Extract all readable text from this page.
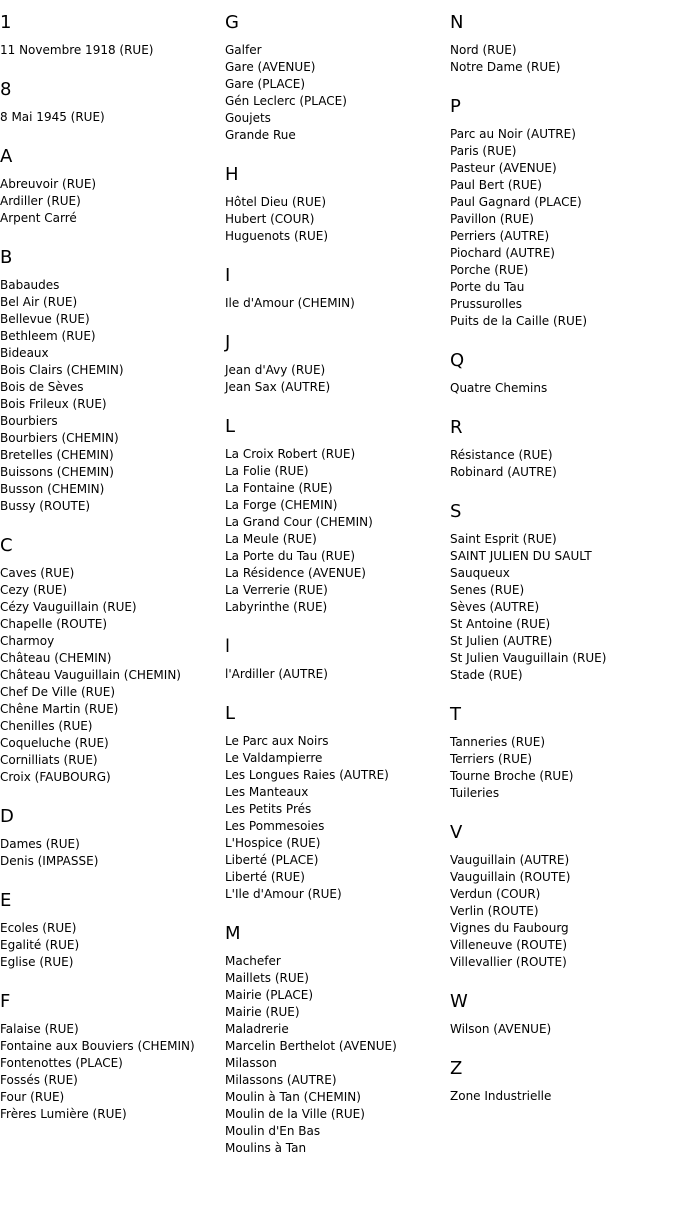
1
11 Novembre 1918 (RUE)
8
8 Mai 1945 (RUE)
A
Abreuvoir (RUE)
Ardiller (RUE)
Arpent Carré
B
Babaudes
Bel Air (RUE)
Bellevue (RUE)
Bethleem (RUE)
Bideaux
Bois Clairs (CHEMIN)
Bois de Sèves
Bois Frileux (RUE)
Bourbiers
Bourbiers (CHEMIN)
Bretelles (CHEMIN)
Buissons (CHEMIN)
Busson (CHEMIN)
Bussy (ROUTE)
C
Caves (RUE)
Cezy (RUE)
Cézy Vauguillain (RUE)
Chapelle (ROUTE)
Charmoy
Château (CHEMIN)
Château Vauguillain (CHEMIN)
Chef De Ville (RUE)
Chêne Martin (RUE)
Chenilles (RUE)
Coqueluche (RUE)
Cornilliats (RUE)
Croix (FAUBOURG)
D
Dames (RUE)
Denis (IMPASSE)
E
Ecoles (RUE)
Egalité (RUE)
Eglise (RUE)
F
Falaise (RUE)
Fontaine aux Bouviers (CHEMIN)
Fontenottes (PLACE)
Fossés (RUE)
Four (RUE)
Frères Lumière (RUE)
G
Galfer
Gare (AVENUE)
Gare (PLACE)
Gén Leclerc (PLACE)
Goujets
Grande Rue
H
Hôtel Dieu (RUE)
Hubert (COUR)
Huguenots (RUE)
I
Ile d'Amour (CHEMIN)
J
Jean d'Avy (RUE)
Jean Sax (AUTRE)
L
La Croix Robert (RUE)
La Folie (RUE)
La Fontaine (RUE)
La Forge (CHEMIN)
La Grand Cour (CHEMIN)
La Meule (RUE)
La Porte du Tau (RUE)
La Résidence (AVENUE)
La Verrerie (RUE)
Labyrinthe (RUE)
l
l'Ardiller (AUTRE)
L
Le Parc aux Noirs
Le Valdampierre
Les Longues Raies (AUTRE)
Les Manteaux
Les Petits Prés
Les Pommesoies
L'Hospice (RUE)
Liberté (PLACE)
Liberté (RUE)
L'Ile d'Amour (RUE)
M
Machefer
Maillets (RUE)
Mairie (PLACE)
Mairie (RUE)
Maladrerie
Marcelin Berthelot (AVENUE)
Milasson
Milassons (AUTRE)
Moulin à Tan (CHEMIN)
Moulin de la Ville (RUE)
Moulin d'En Bas
Moulins à Tan
N
Nord (RUE)
Notre Dame (RUE)
P
Parc au Noir (AUTRE)
Paris (RUE)
Pasteur (AVENUE)
Paul Bert (RUE)
Paul Gagnard (PLACE)
Pavillon (RUE)
Perriers (AUTRE)
Piochard (AUTRE)
Porche (RUE)
Porte du Tau
Prussurolles
Puits de la Caille (RUE)
Q
Quatre Chemins
R
Résistance (RUE)
Robinard (AUTRE)
S
Saint Esprit (RUE)
SAINT JULIEN DU SAULT
Sauqueux
Senes (RUE)
Sèves (AUTRE)
St Antoine (RUE)
St Julien (AUTRE)
St Julien Vauguillain (RUE)
Stade (RUE)
T
Tanneries (RUE)
Terriers (RUE)
Tourne Broche (RUE)
Tuileries
V
Vauguillain (AUTRE)
Vauguillain (ROUTE)
Verdun (COUR)
Verlin (ROUTE)
Vignes du Faubourg
Villeneuve (ROUTE)
Villevallier (ROUTE)
W
Wilson (AVENUE)
Z
Zone Industrielle
